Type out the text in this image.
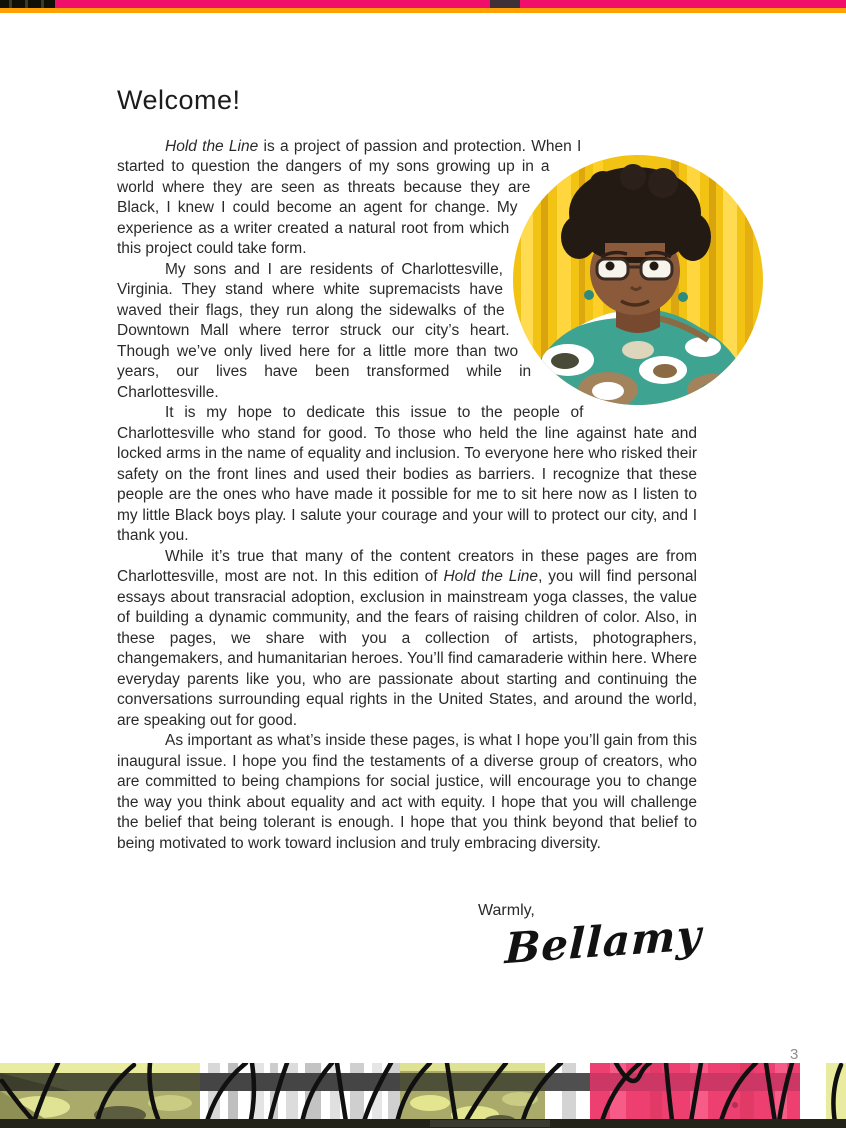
Welcome!

Hold the Line is a project of passion and protection. When I started to question the dangers of my sons growing up in a world where they are seen as threats because they are Black, I knew I could become an agent for change. My experience as a writer created a natural root from which this project could take form.

My sons and I are residents of Charlottesville, Virginia. They stand where white supremacists have waved their flags, they run along the sidewalks of the Downtown Mall where terror struck our city’s heart. Though we’ve only lived here for a little more than two years, our lives have been transformed while in Charlottesville.

It is my hope to dedicate this issue to the people of Charlottesville who stand for good. To those who held the line against hate and locked arms in the name of equality and inclusion. To everyone here who risked their safety on the front lines and used their bodies as barriers. I recognize that these people are the ones who have made it possible for me to sit here now as I listen to my little Black boys play. I salute your courage and your will to protect our city, and I thank you.

While it’s true that many of the content creators in these pages are from Charlottesville, most are not. In this edition of Hold the Line, you will find personal essays about transracial adoption, exclusion in mainstream yoga classes, the value of building a dynamic community, and the fears of raising children of color. Also, in these pages, we share with you a collection of artists, photographers, changemakers, and humanitarian heroes. You’ll find camaraderie within here. Where everyday parents like you, who are passionate about starting and continuing the conversations surrounding equal rights in the United States, and around the world, are speaking out for good.

As important as what’s inside these pages, is what I hope you’ll gain from this inaugural issue. I hope you find the testaments of a diverse group of creators, who are committed to being champions for social justice, will encourage you to change the way you think about equality and act with equity. I hope that you will challenge the belief that being tolerant is enough. I hope that you think beyond that belief to being motivated to work toward inclusion and truly embracing diversity.

Warmly,
Bellamy
3
